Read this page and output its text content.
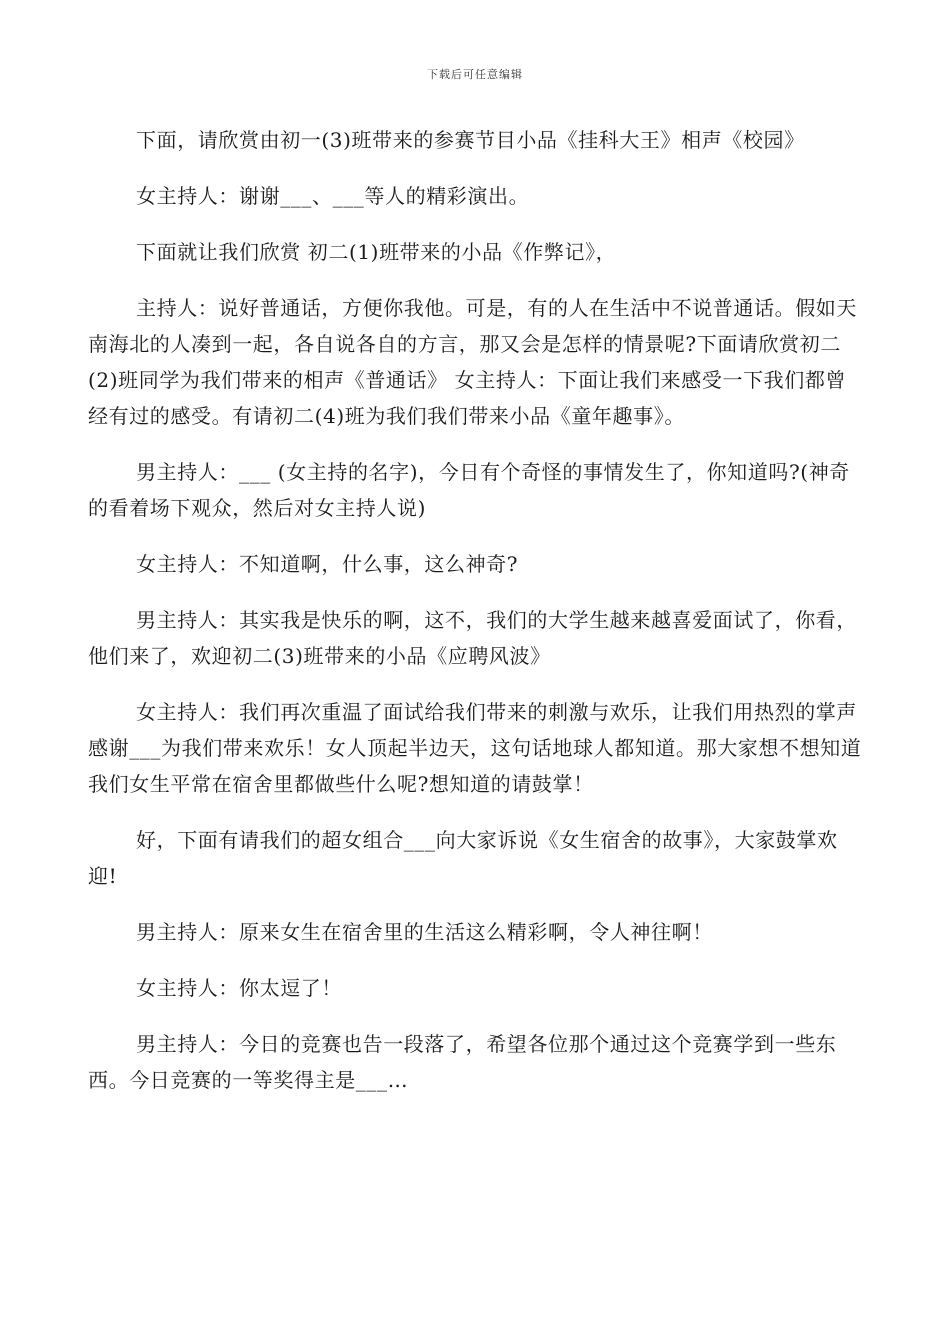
下载后可任意编辑

下面，请欣赏由初一(3)班带来的参赛节目小品《挂科大王》相声《校园》

女主持人：谢谢___、___等人的精彩演出。

下面就让我们欣赏 初二(1)班带来的小品《作弊记》，

主持人：说好普通话，方便你我他。可是，有的人在生活中不说普通话。假如天南海北的人凑到一起，各自说各自的方言，那又会是怎样的情景呢?下面请欣赏初二(2)班同学为我们带来的相声《普通话》 女主持人：下面让我们来感受一下我们都曾经有过的感受。有请初二(4)班为我们我们带来小品《童年趣事》。

男主持人：___ (女主持的名字)，今日有个奇怪的事情发生了，你知道吗?(神奇的看着场下观众，然后对女主持人说)

女主持人：不知道啊，什么事，这么神奇?

男主持人：其实我是快乐的啊，这不，我们的大学生越来越喜爱面试了，你看，他们来了，欢迎初二(3)班带来的小品《应聘风波》

女主持人：我们再次重温了面试给我们带来的刺激与欢乐，让我们用热烈的掌声感谢___为我们带来欢乐！女人顶起半边天，这句话地球人都知道。那大家想不想知道我们女生平常在宿舍里都做些什么呢?想知道的请鼓掌！

好，下面有请我们的超女组合___向大家诉说《女生宿舍的故事》，大家鼓掌欢迎!

男主持人：原来女生在宿舍里的生活这么精彩啊，令人神往啊！

女主持人：你太逗了！

男主持人：今日的竞赛也告一段落了，希望各位那个通过这个竞赛学到一些东西。今日竞赛的一等奖得主是___…
